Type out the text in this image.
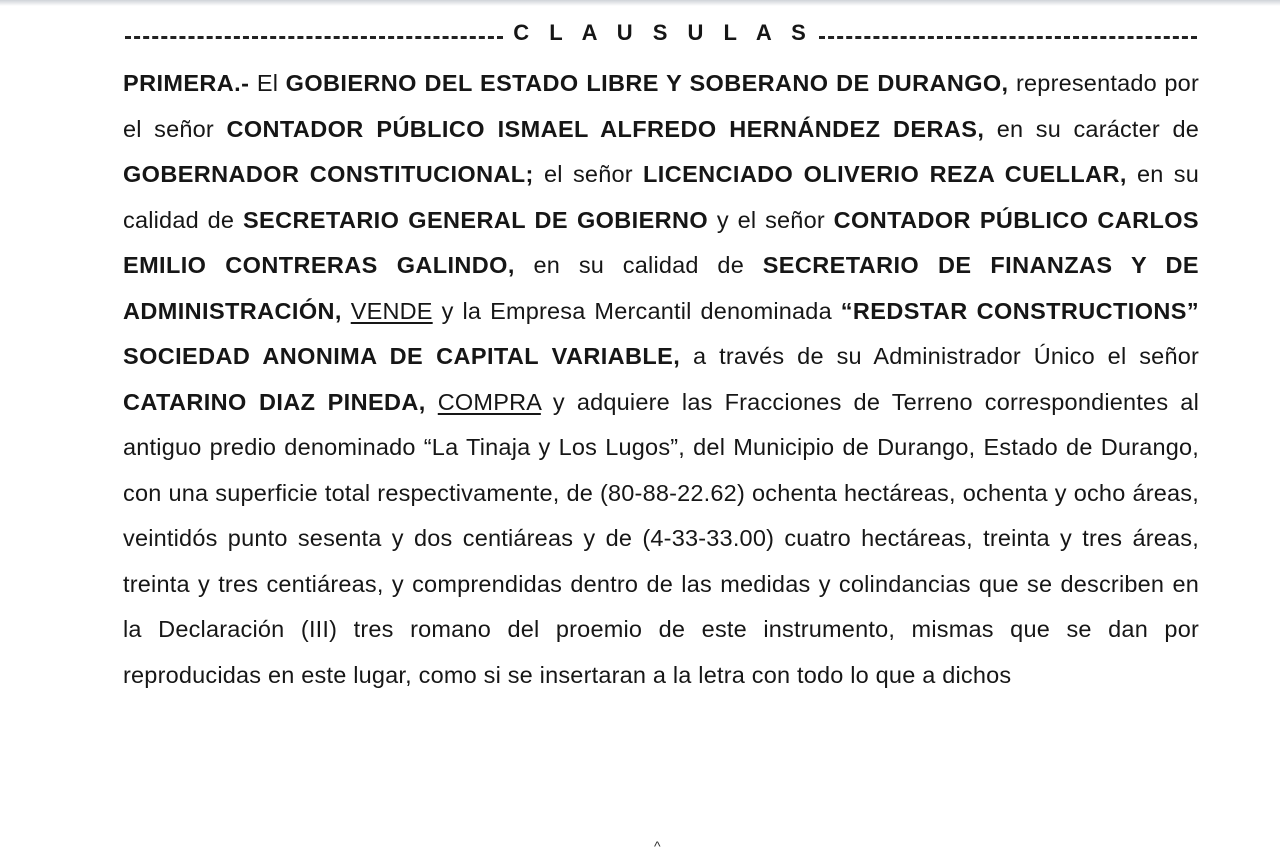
C L A U S U L A S

PRIMERA.- El GOBIERNO DEL ESTADO LIBRE Y SOBERANO DE DURANGO, representado por el señor CONTADOR PÚBLICO ISMAEL ALFREDO HERNÁNDEZ DERAS, en su carácter de GOBERNADOR CONSTITUCIONAL; el señor LICENCIADO OLIVERIO REZA CUELLAR, en su calidad de SECRETARIO GENERAL DE GOBIERNO y el señor CONTADOR PÚBLICO CARLOS EMILIO CONTRERAS GALINDO, en su calidad de SECRETARIO DE FINANZAS Y DE ADMINISTRACIÓN, VENDE y la Empresa Mercantil denominada “REDSTAR CONSTRUCTIONS” SOCIEDAD ANONIMA DE CAPITAL VARIABLE, a través de su Administrador Único el señor CATARINO DIAZ PINEDA, COMPRA y adquiere las Fracciones de Terreno correspondientes al antiguo predio denominado “La Tinaja y Los Lugos”, del Municipio de Durango, Estado de Durango, con una superficie total respectivamente, de (80-88-22.62) ochenta hectáreas, ochenta y ocho áreas, veintidós punto sesenta y dos centiáreas y de (4-33-33.00) cuatro hectáreas, treinta y tres áreas, treinta y tres centiáreas, y comprendidas dentro de las medidas y colindancias que se describen en la Declaración (III) tres romano del proemio de este instrumento, mismas que se dan por reproducidas en este lugar, como si se insertaran a la letra con todo lo que a dichos

^
